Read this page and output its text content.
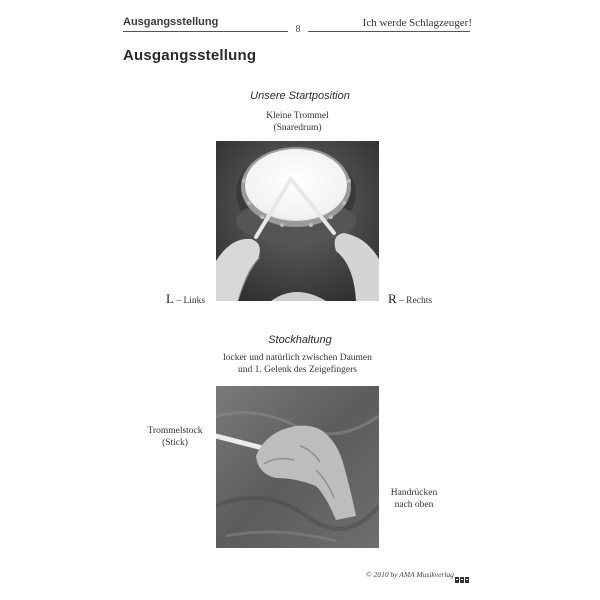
Ausgangsstellung	Ich werde Schlagzeuger!
8
Ausgangsstellung
Unsere Startposition
Kleine Trommel
(Snaredrum)
L – Links	R – Rechts
Stockhaltung
locker und natürlich zwischen Daumen
und 1. Gelenk des Zeigefingers
Trommelstock
(Stick)
Handrücken
nach oben
© 2010 by AMA Musikverlag
